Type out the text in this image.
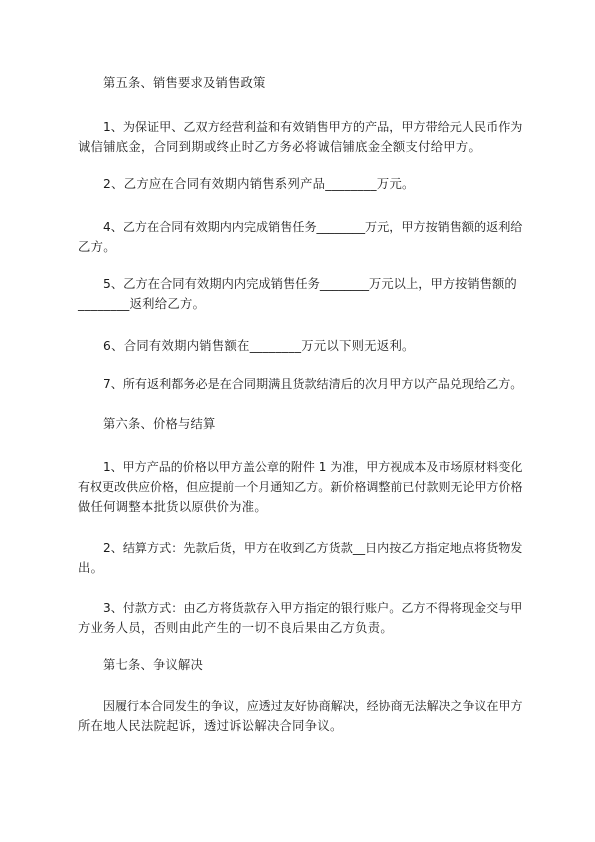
第五条、销售要求及销售政策
1、为保证甲、乙双方经营利益和有效销售甲方的产品，甲方带给元人民币作为
诚信铺底金，合同到期或终止时乙方务必将诚信铺底金全额支付给甲方。
2、乙方应在合同有效期内销售系列产品________万元。
4、乙方在合同有效期内内完成销售任务________万元，甲方按销售额的返利给
乙方。
5、乙方在合同有效期内内完成销售任务________万元以上，甲方按销售额的
________返利给乙方。
6、合同有效期内销售额在________万元以下则无返利。
7、所有返利都务必是在合同期满且货款结清后的次月甲方以产品兑现给乙方。
第六条、价格与结算
1、甲方产品的价格以甲方盖公章的附件 1 为准，甲方视成本及市场原材料变化
有权更改供应价格，但应提前一个月通知乙方。新价格调整前已付款则无论甲方价格
做任何调整本批货以原供价为准。
2、结算方式：先款后货，甲方在收到乙方货款__日内按乙方指定地点将货物发
出。
3、付款方式：由乙方将货款存入甲方指定的银行账户。乙方不得将现金交与甲
方业务人员，否则由此产生的一切不良后果由乙方负责。
第七条、争议解决
因履行本合同发生的争议，应透过友好协商解决，经协商无法解决之争议在甲方
所在地人民法院起诉，透过诉讼解决合同争议。
